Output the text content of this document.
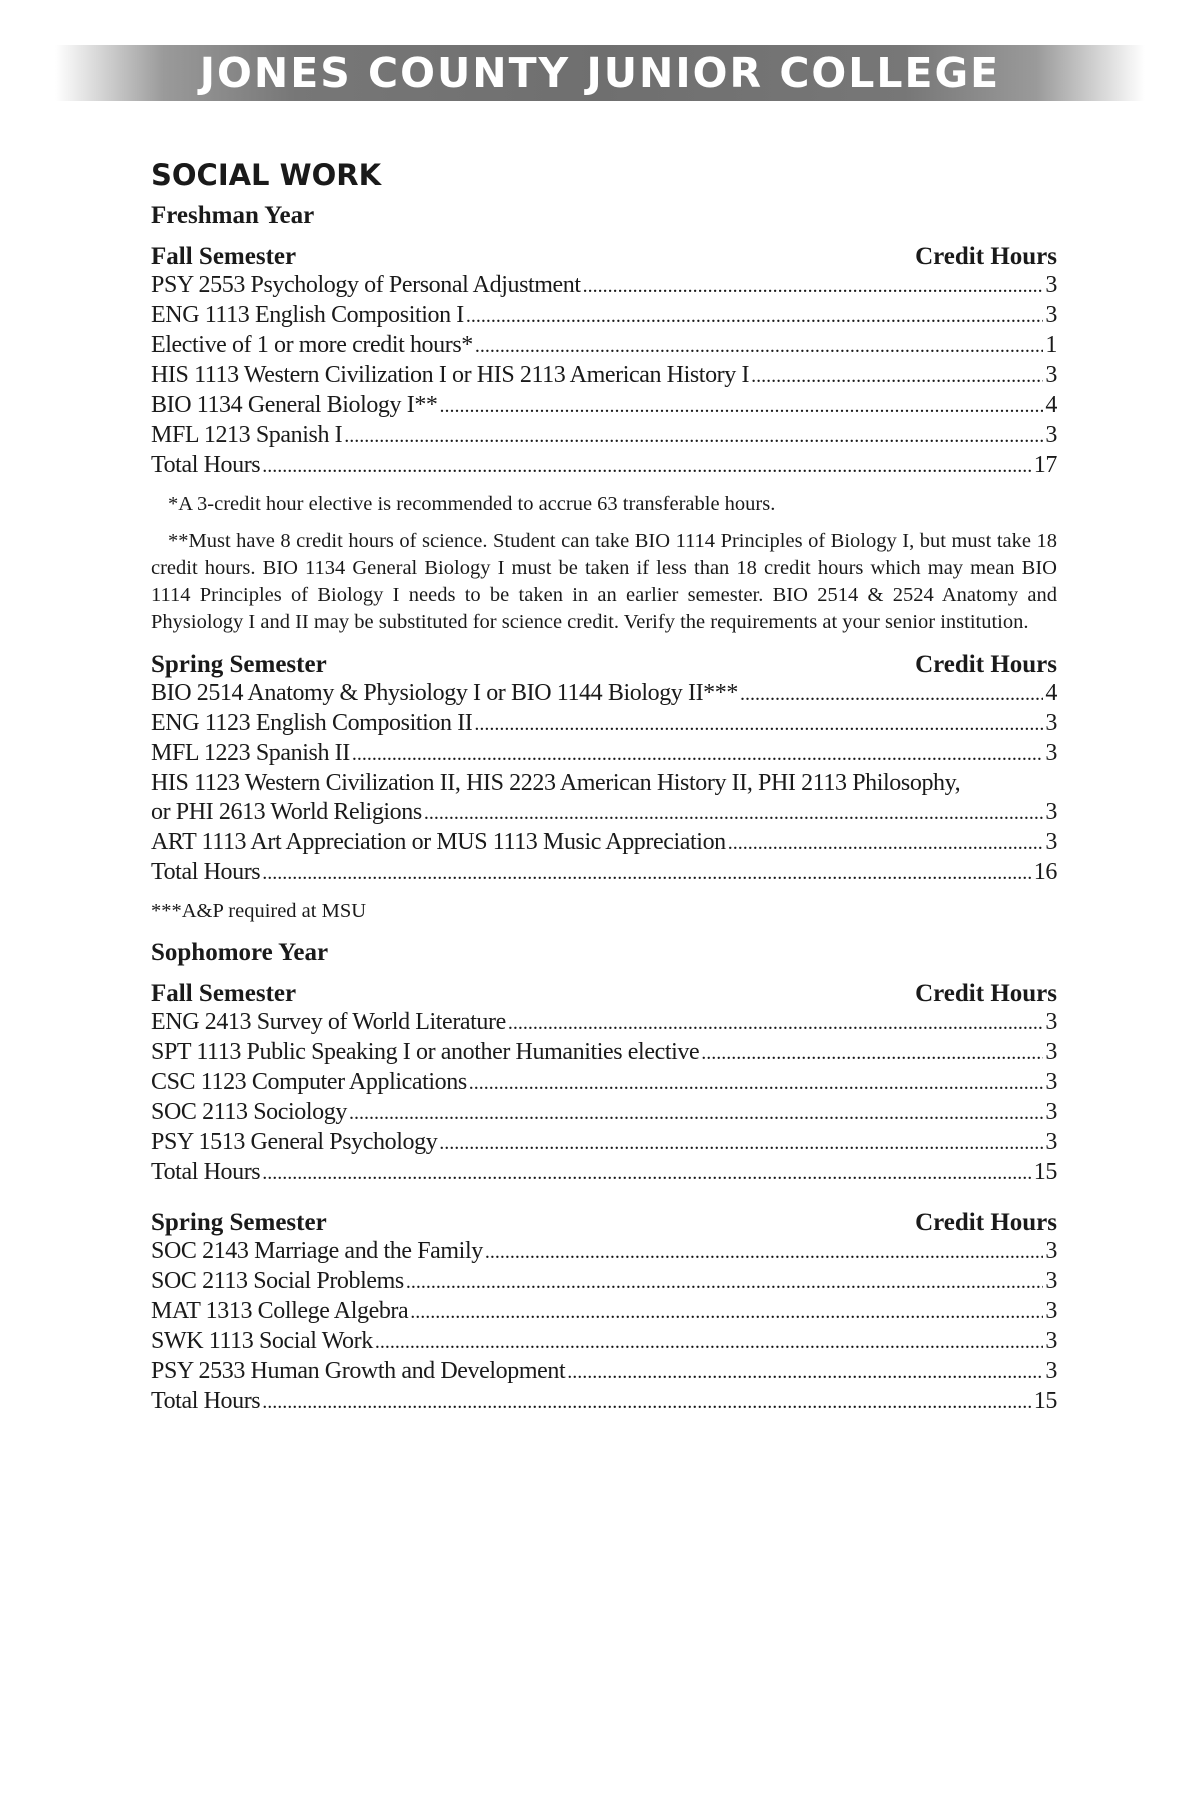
JONES COUNTY JUNIOR COLLEGE
SOCIAL WORK
Freshman Year
Fall Semester	Credit Hours
PSY 2553 Psychology of Personal Adjustment .....	3
ENG 1113 English Composition I .....	3
Elective of 1 or more credit hours* .....	1
HIS 1113 Western Civilization I or HIS 2113 American History I .....	3
BIO 1134 General Biology I** .....	4
MFL 1213 Spanish I .....	3
Total Hours .....	17

*A 3-credit hour elective is recommended to accrue 63 transferable hours.

**Must have 8 credit hours of science. Student can take BIO 1114 Principles of Biology I, but must take 18 credit hours. BIO 1134 General Biology I must be taken if less than 18 credit hours which may mean BIO 1114 Principles of Biology I needs to be taken in an earlier semester. BIO 2514 & 2524 Anatomy and Physiology I and II may be substituted for science credit. Verify the requirements at your senior institution.

Spring Semester	Credit Hours
BIO 2514 Anatomy & Physiology I or BIO 1144 Biology II*** .....	4
ENG 1123 English Composition II .....	3
MFL 1223 Spanish II .....	3
HIS 1123 Western Civilization II, HIS 2223 American History II, PHI 2113 Philosophy,
or PHI 2613 World Religions .....	3
ART 1113 Art Appreciation or MUS 1113 Music Appreciation .....	3
Total Hours .....	16

***A&P required at MSU

Sophomore Year
Fall Semester	Credit Hours
ENG 2413 Survey of World Literature .....	3
SPT 1113 Public Speaking I or another Humanities elective .....	3
CSC 1123 Computer Applications .....	3
SOC 2113 Sociology .....	3
PSY 1513 General Psychology .....	3
Total Hours .....	15
Spring Semester	Credit Hours
SOC 2143 Marriage and the Family .....	3
SOC 2113 Social Problems .....	3
MAT 1313 College Algebra .....	3
SWK 1113 Social Work .....	3
PSY 2533 Human Growth and Development .....	3
Total Hours .....	15
